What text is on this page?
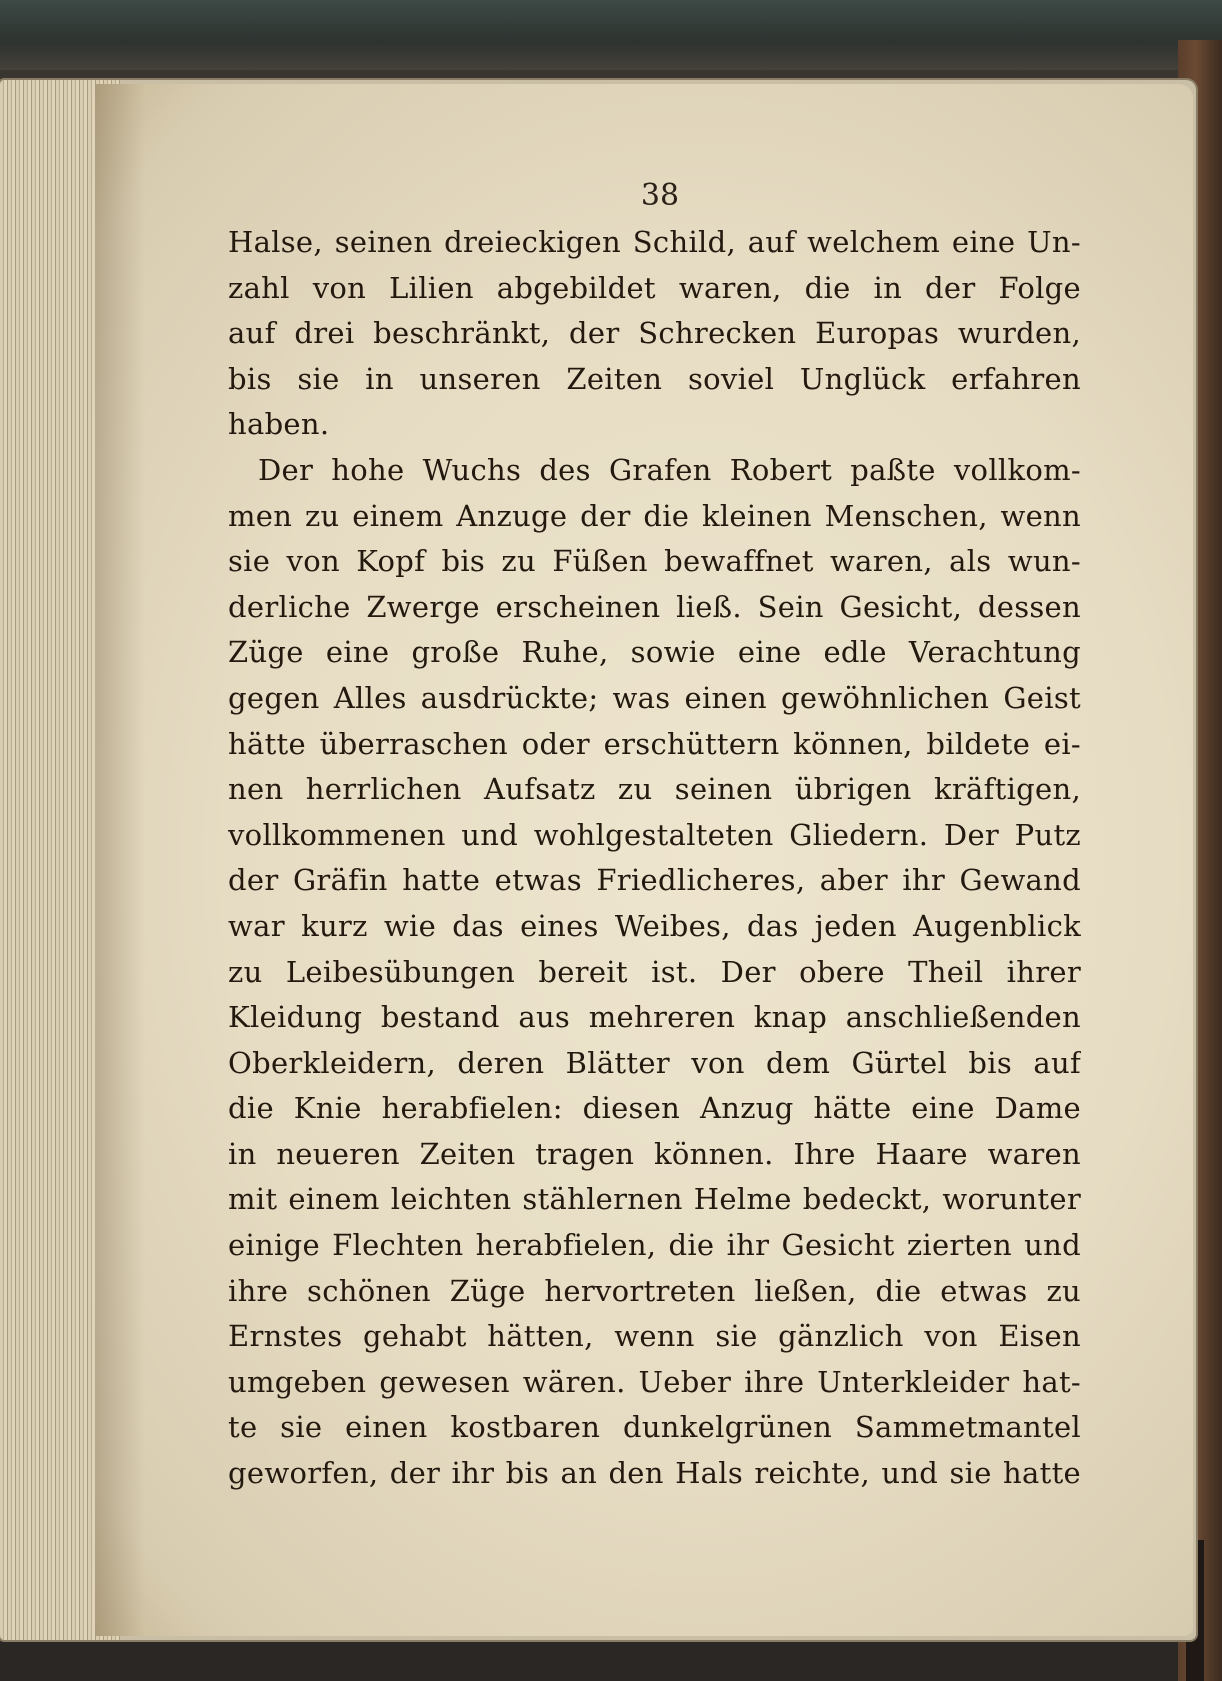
38
Halse, seinen dreieckigen Schild, auf welchem eine Un-
zahl von Lilien abgebildet waren, die in der Folge
auf drei beschränkt, der Schrecken Europas wurden,
bis sie in unseren Zeiten soviel Unglück erfahren
haben.
Der hohe Wuchs des Grafen Robert paßte vollkom-
men zu einem Anzuge der die kleinen Menschen, wenn
sie von Kopf bis zu Füßen bewaffnet waren, als wun-
derliche Zwerge erscheinen ließ. Sein Gesicht, dessen
Züge eine große Ruhe, sowie eine edle Verachtung
gegen Alles ausdrückte; was einen gewöhnlichen Geist
hätte überraschen oder erschüttern können, bildete ei-
nen herrlichen Aufsatz zu seinen übrigen kräftigen,
vollkommenen und wohlgestalteten Gliedern. Der Putz
der Gräfin hatte etwas Friedlicheres, aber ihr Gewand
war kurz wie das eines Weibes, das jeden Augenblick
zu Leibesübungen bereit ist. Der obere Theil ihrer
Kleidung bestand aus mehreren knap anschließenden
Oberkleidern, deren Blätter von dem Gürtel bis auf
die Knie herabfielen: diesen Anzug hätte eine Dame
in neueren Zeiten tragen können. Ihre Haare waren
mit einem leichten stählernen Helme bedeckt, worunter
einige Flechten herabfielen, die ihr Gesicht zierten und
ihre schönen Züge hervortreten ließen, die etwas zu
Ernstes gehabt hätten, wenn sie gänzlich von Eisen
umgeben gewesen wären. Ueber ihre Unterkleider hat-
te sie einen kostbaren dunkelgrünen Sammetmantel
geworfen, der ihr bis an den Hals reichte, und sie hatte
